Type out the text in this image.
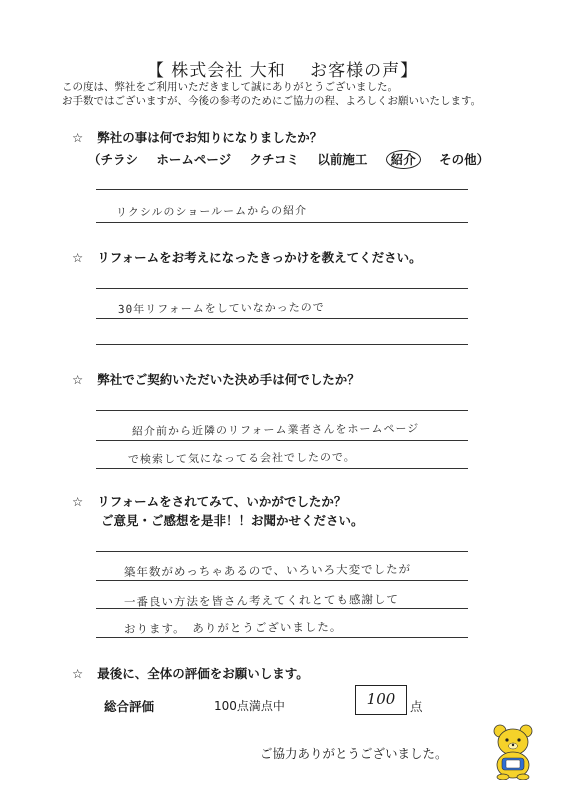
【 株式会社 大和　 お客様の声】
この度は、弊社をご利用いただきまして誠にありがとうございました。
お手数ではございますが、今後の参考のためにご協力の程、よろしくお願いいたします。
☆ 弊社の事は何でお知りになりましたか？
（チラシ ホームページ クチコミ 以前施工 紹介 その他）
リクシルのショールームからの紹介
☆ リフォームをお考えになったきっかけを教えてください。
30年リフォームをしていなかったので
☆ 弊社でご契約いただいた決め手は何でしたか？
紹介前から近隣のリフォーム業者さんをホームページ
で検索して気になってる会社でしたので。
☆ リフォームをされてみて、いかがでしたか？
ご意見・ご感想を是非！！お聞かせください。
築年数がめっちゃあるので、いろいろ大変でしたが
一番良い方法を皆さん考えてくれとても感謝して
おります。　ありがとうございました。
☆ 最後に、全体の評価をお願いします。
総合評価	100点満点中	100	点
ご協力ありがとうございました。
